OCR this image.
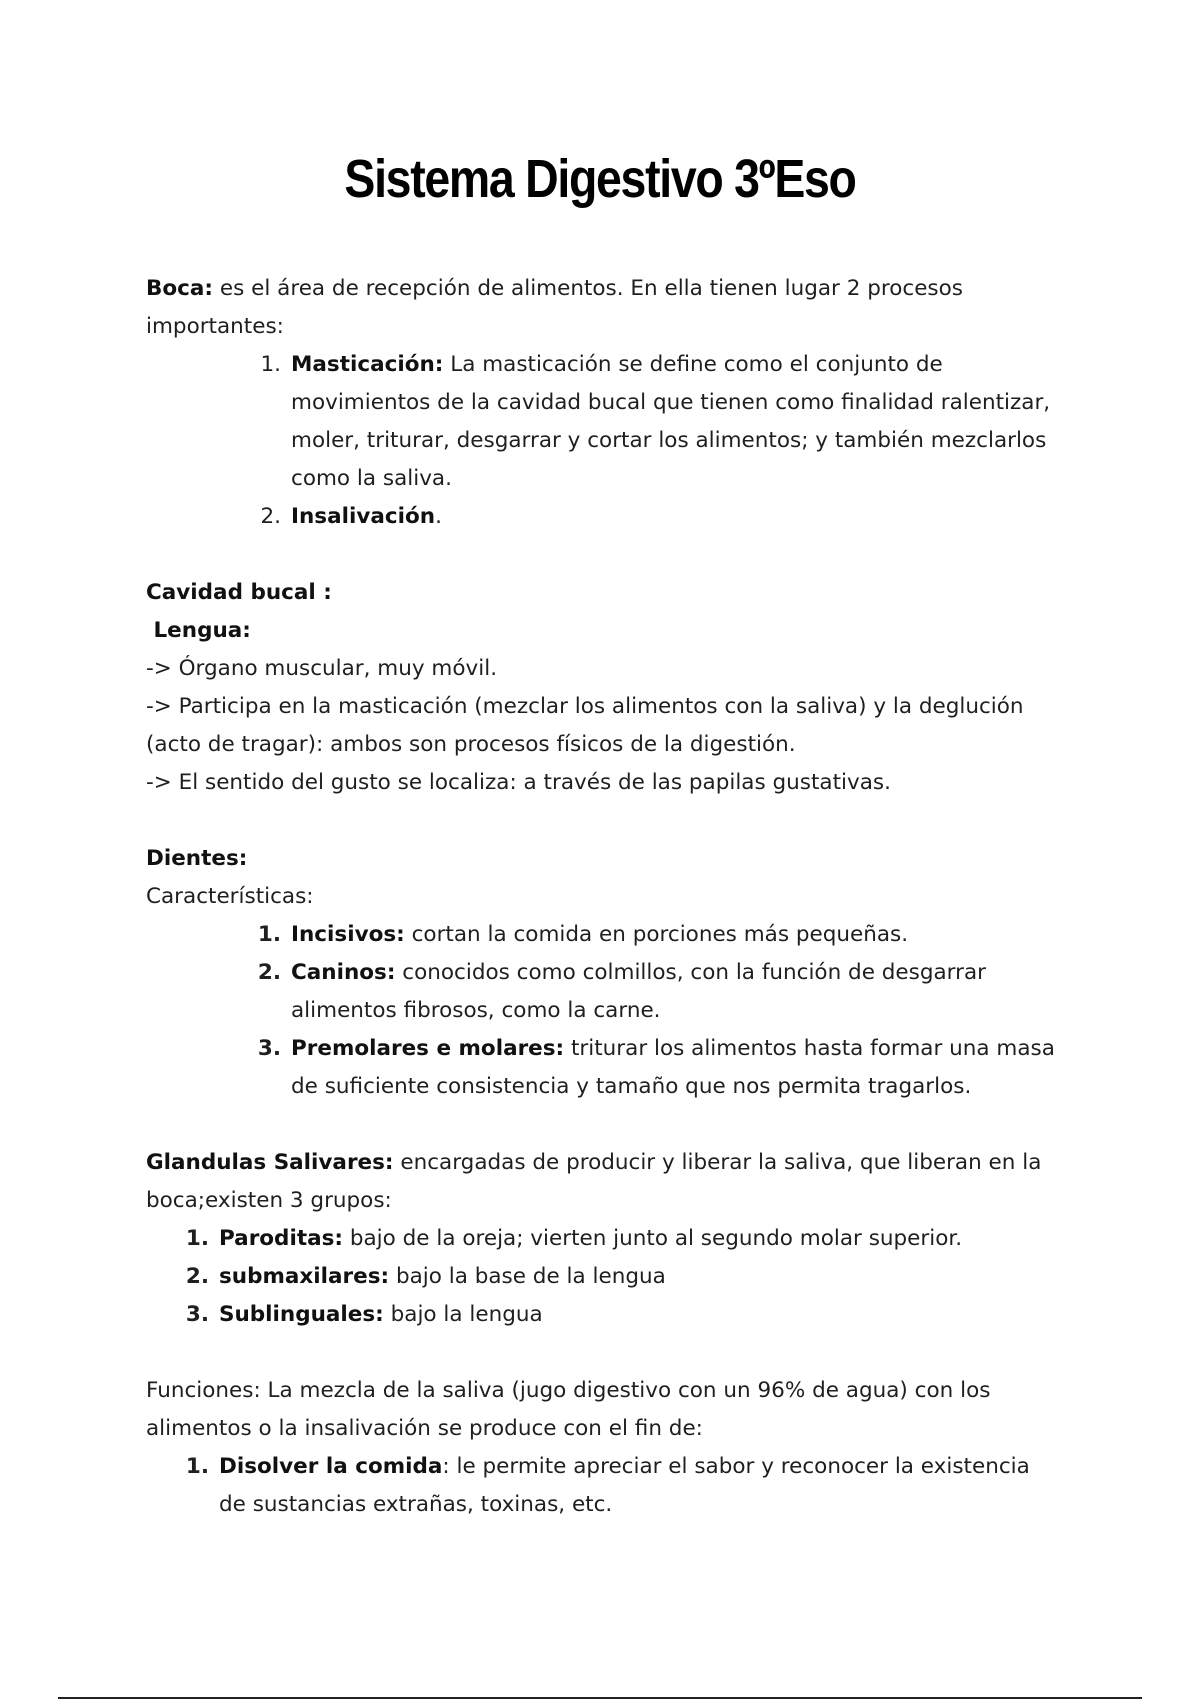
Sistema Digestivo 3ºEso

Boca: es el área de recepción de alimentos. En ella tienen lugar 2 procesos importantes:

1. Masticación: La masticación se define como el conjunto de movimientos de la cavidad bucal que tienen como finalidad ralentizar, moler, triturar, desgarrar y cortar los alimentos; y también mezclarlos como la saliva.
2. Insalivación.

Cavidad bucal :

Lengua:

-> Órgano muscular, muy móvil.

-> Participa en la masticación (mezclar los alimentos con la saliva) y la deglución (acto de tragar): ambos son procesos físicos de la digestión.

-> El sentido del gusto se localiza: a través de las papilas gustativas.

Dientes:

Características:

1. Incisivos: cortan la comida en porciones más pequeñas.
2. Caninos: conocidos como colmillos, con la función de desgarrar alimentos fibrosos, como la carne.
3. Premolares e molares: triturar los alimentos hasta formar una masa de suficiente consistencia y tamaño que nos permita tragarlos.

Glandulas Salivares: encargadas de producir y liberar la saliva, que liberan en la boca;existen 3 grupos:

1. Paroditas: bajo de la oreja; vierten junto al segundo molar superior.
2. submaxilares: bajo la base de la lengua
3. Sublinguales: bajo la lengua

Funciones: La mezcla de la saliva (jugo digestivo con un 96% de agua) con los alimentos o la insalivación se produce con el fin de:

1. Disolver la comida: le permite apreciar el sabor y reconocer la existencia de sustancias extrañas, toxinas, etc.
